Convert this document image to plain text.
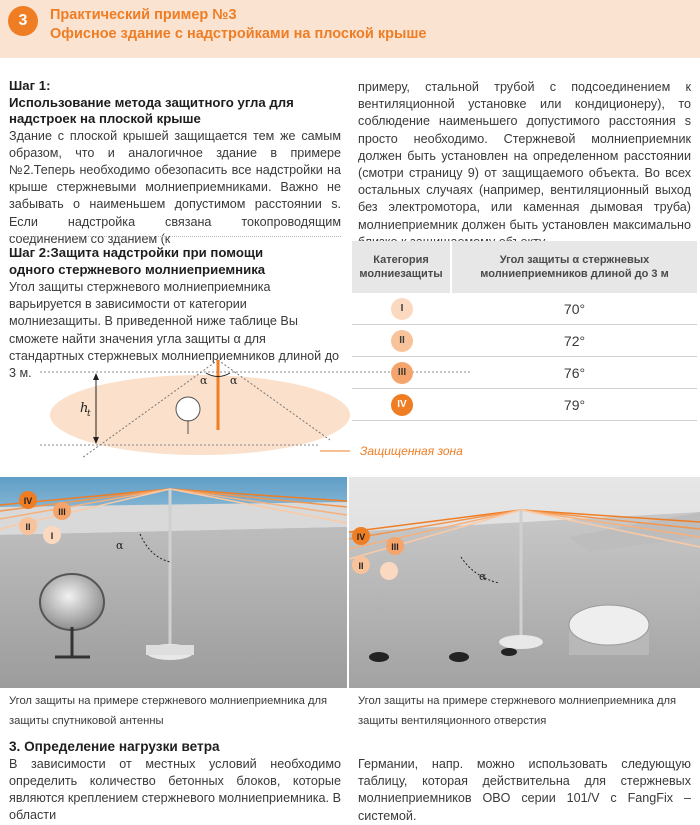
3	Практический пример №3
Офисное здание с надстройками на плоской крыше
Шаг 1:
Использование метода защитного угла для
надстроек на плоской крыше
Здание с плоской крышей защищается тем же самым образом, что и аналогичное здание в примере №2.Теперь необходимо обезопасить все надстройки на крыше стержневыми молниеприемниками. Важно не забывать о наименьшем допустимом расстоянии s. Если надстройка связана токопроводящим соединением со зданием (к
примеру, стальной трубой с подсоединением к вентиляционной установке или кондиционеру), то соблюдение наименьшего допустимого расстояния s просто необходимо. Стержневой молниеприемник должен быть установлен на определенном расстоянии (смотри страницу 9) от защищаемого объекта. Во всех остальных случаях (например, вентиляционный выход без электромотора, или каменная дымовая труба) молниеприемник должен быть установлен максимально
Шаг 2:Защита надстройки при помощи
одного стержневого молниеприемника
Угол защиты стержневого молниеприемника варьируется в зависимости от категории молниезащиты. В приведенной ниже таблице Вы сможете найти значения угла защиты α для стандартных стержневых молниеприемников длиной до 3 м.
α α
h
t
Защищенная зона
Категория молниезащиты
Угол защиты α стержневых молниеприемников длиной до 3 м
I	70°
II	72°
III	76°
IV	79°
IV
III
II
I
α
IV
III
II
α
Угол защиты на примере стержневого молниеприемника для защиты спутниковой антенны
Угол защиты на примере стержневого молниеприемника для защиты вентиляционного отверстия
3. Определение нагрузки ветра
В зависимости от местных условий необходимо определить количество бетонных блоков, которые являются креплением стержневого молниеприемника. В области
Германии, напр. можно использовать следующую таблицу, которая действительна для стержневых молниеприемников OBO серии 101/V с FangFix – системой.
